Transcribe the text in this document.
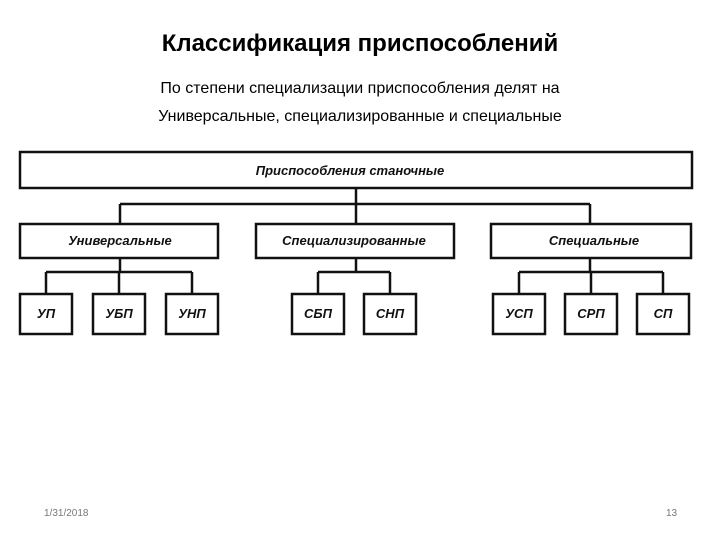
Классификация приспособлений
По степени специализации приспособления делят на
Универсальные, специализированные и специальные
Приспособления станочные
Универсальные	Специализированные	Специальные
УП	УБП	УНП	СБП	СНП	УСП	СРП	СП
1/31/2018	13
